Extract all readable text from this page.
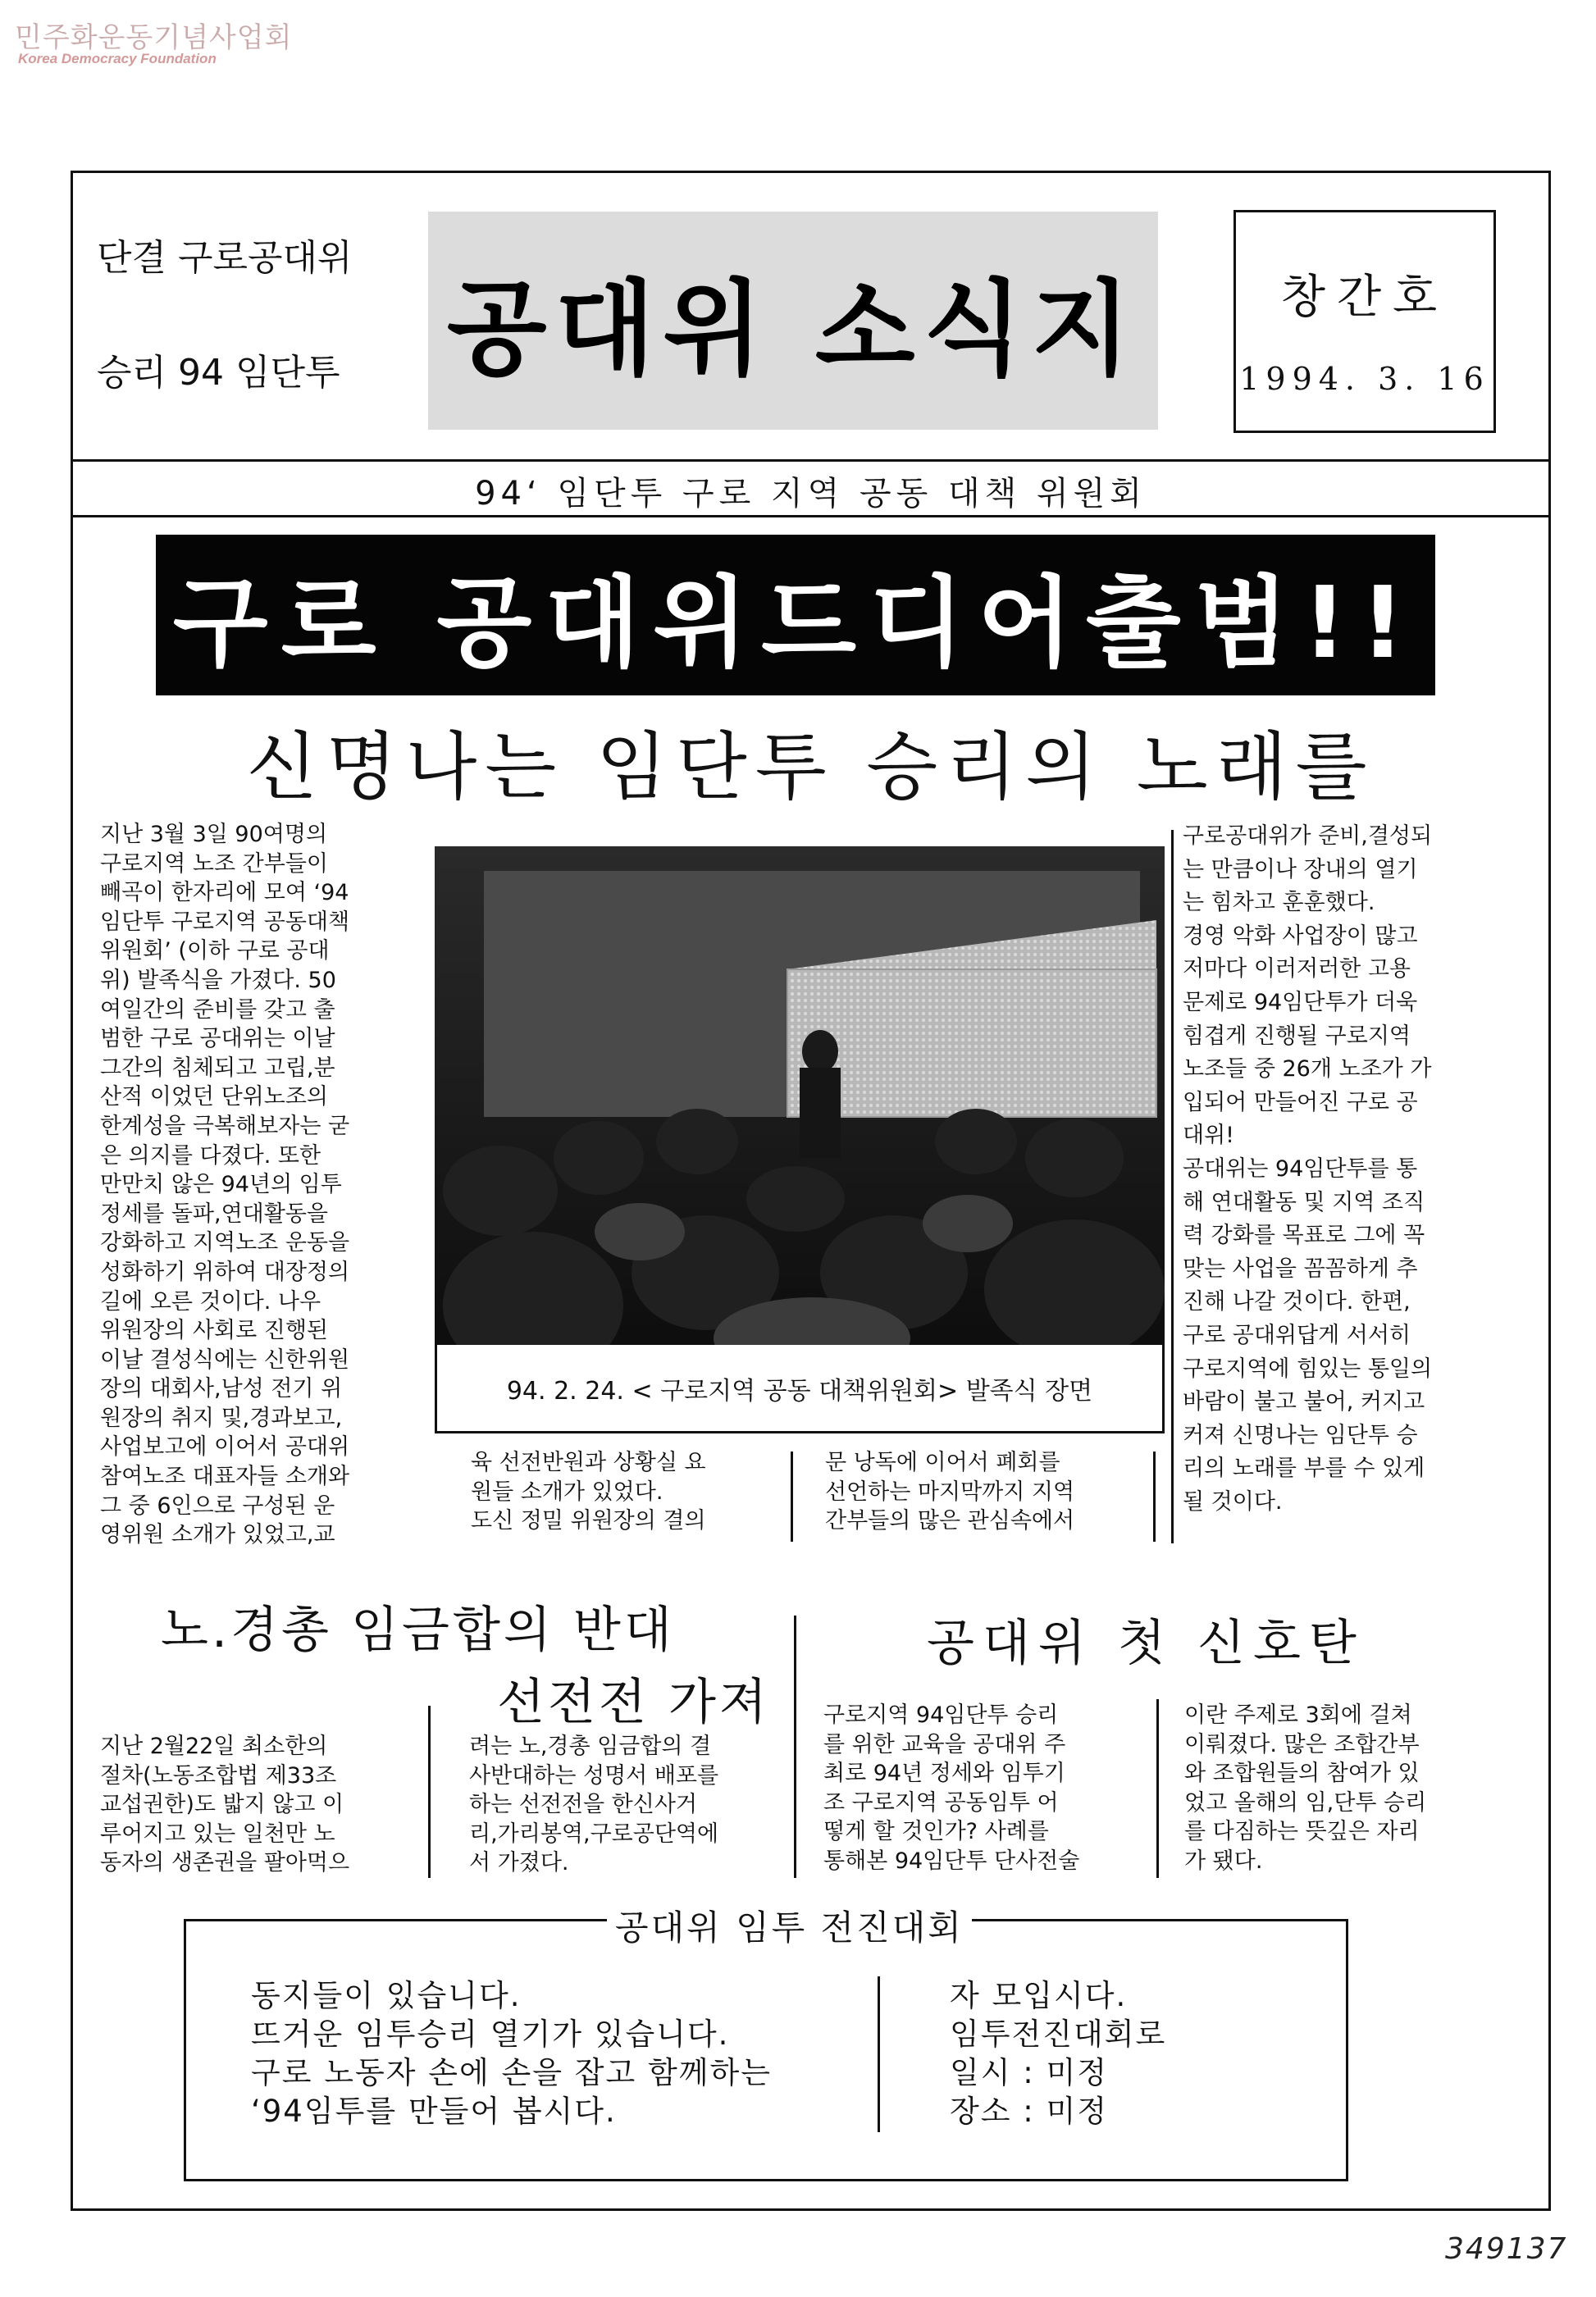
민주화운동기념사업회
Korea Democracy Foundation
단결 구로공대위
승리 94 임단투 공대위 소식지	창간호
1994. 3. 16
94‘ 임단투 구로 지역 공동 대책 위원회
구로 공대위드디어출범!!
신명나는 임단투 승리의 노래를
지난 3월 3일 90여명의
구로지역 노조 간부들이
빼곡이 한자리에 모여 ‘94
임단투 구로지역 공동대책
위원회’ (이하 구로 공대
위) 발족식을 가졌다. 50
여일간의 준비를 갖고 출
범한 구로 공대위는 이날
그간의 침체되고 고립,분
산적 이었던 단위노조의
한계성을 극복해보자는 굳
은 의지를 다졌다. 또한
만만치 않은 94년의 임투
정세를 돌파,연대활동을
강화하고 지역노조 운동을
성화하기 위하여 대장정의
길에 오른 것이다. 나우
위원장의 사회로 진행된
이날 결성식에는 신한위원
장의 대회사,남성 전기 위
원장의 취지 및,경과보고,
사업보고에 이어서 공대위
참여노조 대표자들 소개와
그 중 6인으로 구성된 운
영위원 소개가 있었고,교
94. 2. 24. < 구로지역 공동 대책위원회> 발족식 장면
육 선전반원과 상황실 요
원들 소개가 있었다.
도신 정밀 위원장의 결의
문 낭독에 이어서 폐회를
선언하는 마지막까지 지역
간부들의 많은 관심속에서
구로공대위가 준비,결성되
는 만큼이나 장내의 열기
는 힘차고 훈훈했다.
경영 악화 사업장이 많고
저마다 이러저러한 고용
문제로 94임단투가 더욱
힘겹게 진행될 구로지역
노조들 중 26개 노조가 가
입되어 만들어진 구로 공
대위!
공대위는 94임단투를 통
해 연대활동 및 지역 조직
력 강화를 목표로 그에 꼭
맞는 사업을 꼼꼼하게 추
진해 나갈 것이다. 한편,
구로 공대위답게 서서히
구로지역에 힘있는 통일의
바람이 불고 불어, 커지고
커져 신명나는 임단투 승
리의 노래를 부를 수 있게
될 것이다.
노.경총 임금합의 반대
선전전 가져
지난 2월22일 최소한의
절차(노동조합법 제33조
교섭권한)도 밟지 않고 이
루어지고 있는 일천만 노
동자의 생존권을 팔아먹으
려는 노,경총 임금합의 결
사반대하는 성명서 배포를
하는 선전전을 한신사거
리,가리봉역,구로공단역에
서 가졌다.
공대위 첫 신호탄
구로지역 94임단투 승리
를 위한 교육을 공대위 주
최로 94년 정세와 임투기
조 구로지역 공동임투 어
떻게 할 것인가? 사례를
통해본 94임단투 단사전술
이란 주제로 3회에 걸쳐
이뤄졌다. 많은 조합간부
와 조합원들의 참여가 있
었고 올해의 임,단투 승리
를 다짐하는 뜻깊은 자리
가 됐다.
공대위 임투 전진대회
동지들이 있습니다.
뜨거운 임투승리 열기가 있습니다.
구로 노동자 손에 손을 잡고 함께하는
‘94임투를 만들어 봅시다.
자 모입시다.
임투전진대회로
일시 : 미정
장소 : 미정
349137
